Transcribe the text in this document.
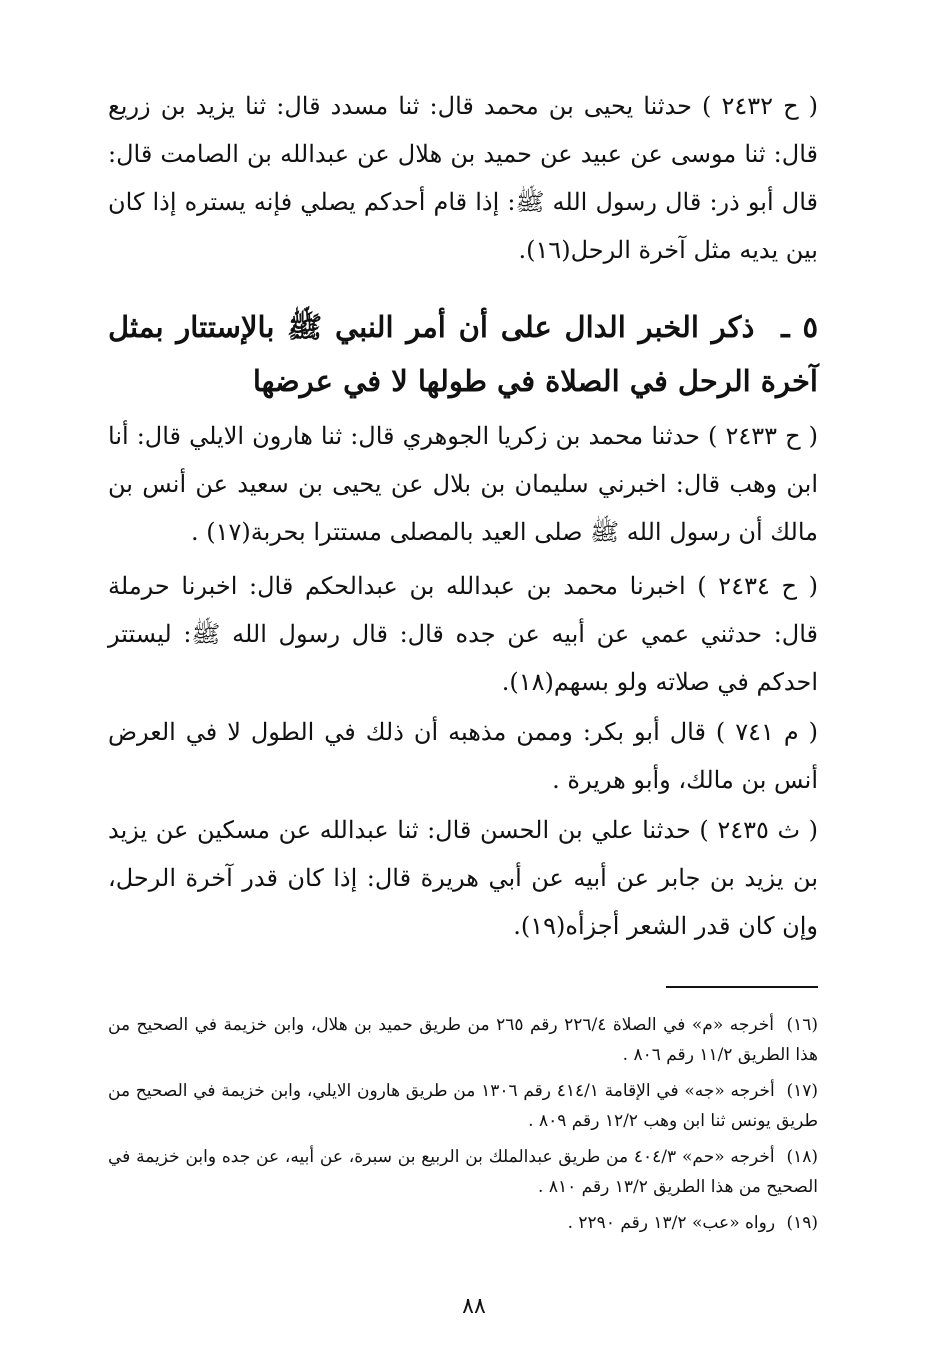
( ح ٢٤٣٢ ) حدثنا يحيى بن محمد قال: ثنا مسدد قال: ثنا يزيد بن زريع قال: ثنا موسى عن عبيد عن حميد بن هلال عن عبدالله بن الصامت قال: قال أبو ذر: قال رسول الله ﷺ: إذا قام أحدكم يصلي فإنه يستره إذا كان بين يديه مثل آخرة الرحل(١٦).

٥ ـ ذكر الخبر الدال على أن أمر النبي ﷺ بالإستتار بمثل آخرة الرحل في الصلاة في طولها لا في عرضها

( ح ٢٤٣٣ ) حدثنا محمد بن زكريا الجوهري قال: ثنا هارون الايلي قال: أنا ابن وهب قال: اخبرني سليمان بن بلال عن يحيى بن سعيد عن أنس بن مالك أن رسول الله ﷺ صلى العيد بالمصلى مستترا بحربة(١٧) .

( ح ٢٤٣٤ ) اخبرنا محمد بن عبدالله بن عبدالحكم قال: اخبرنا حرملة قال: حدثني عمي عن أبيه عن جده قال: قال رسول الله ﷺ: ليستتر احدكم في صلاته ولو بسهم(١٨).

( م ٧٤١ ) قال أبو بكر: وممن مذهبه أن ذلك في الطول لا في العرض أنس بن مالك، وأبو هريرة .

( ث ٢٤٣٥ ) حدثنا علي بن الحسن قال: ثنا عبدالله عن مسكين عن يزيد بن يزيد بن جابر عن أبيه عن أبي هريرة قال: إذا كان قدر آخرة الرحل، وإن كان قدر الشعر أجزأه(١٩).

(١٦) أخرجه «م» في الصلاة ٢٢٦/٤ رقم ٢٦٥ من طريق حميد بن هلال، وابن خزيمة في الصحيح من هذا الطريق ١١/٢ رقم ٨٠٦ .

(١٧) أخرجه «جه» في الإقامة ٤١٤/١ رقم ١٣٠٦ من طريق هارون الايلي، وابن خزيمة في الصحيح من طريق يونس ثنا ابن وهب ١٢/٢ رقم ٨٠٩ .

(١٨) أخرجه «حم» ٤٠٤/٣ من طريق عبدالملك بن الربيع بن سبرة، عن أبيه، عن جده وابن خزيمة في الصحيح من هذا الطريق ١٣/٢ رقم ٨١٠ .

(١٩) رواه «عب» ١٣/٢ رقم ٢٢٩٠ .

٨٨
